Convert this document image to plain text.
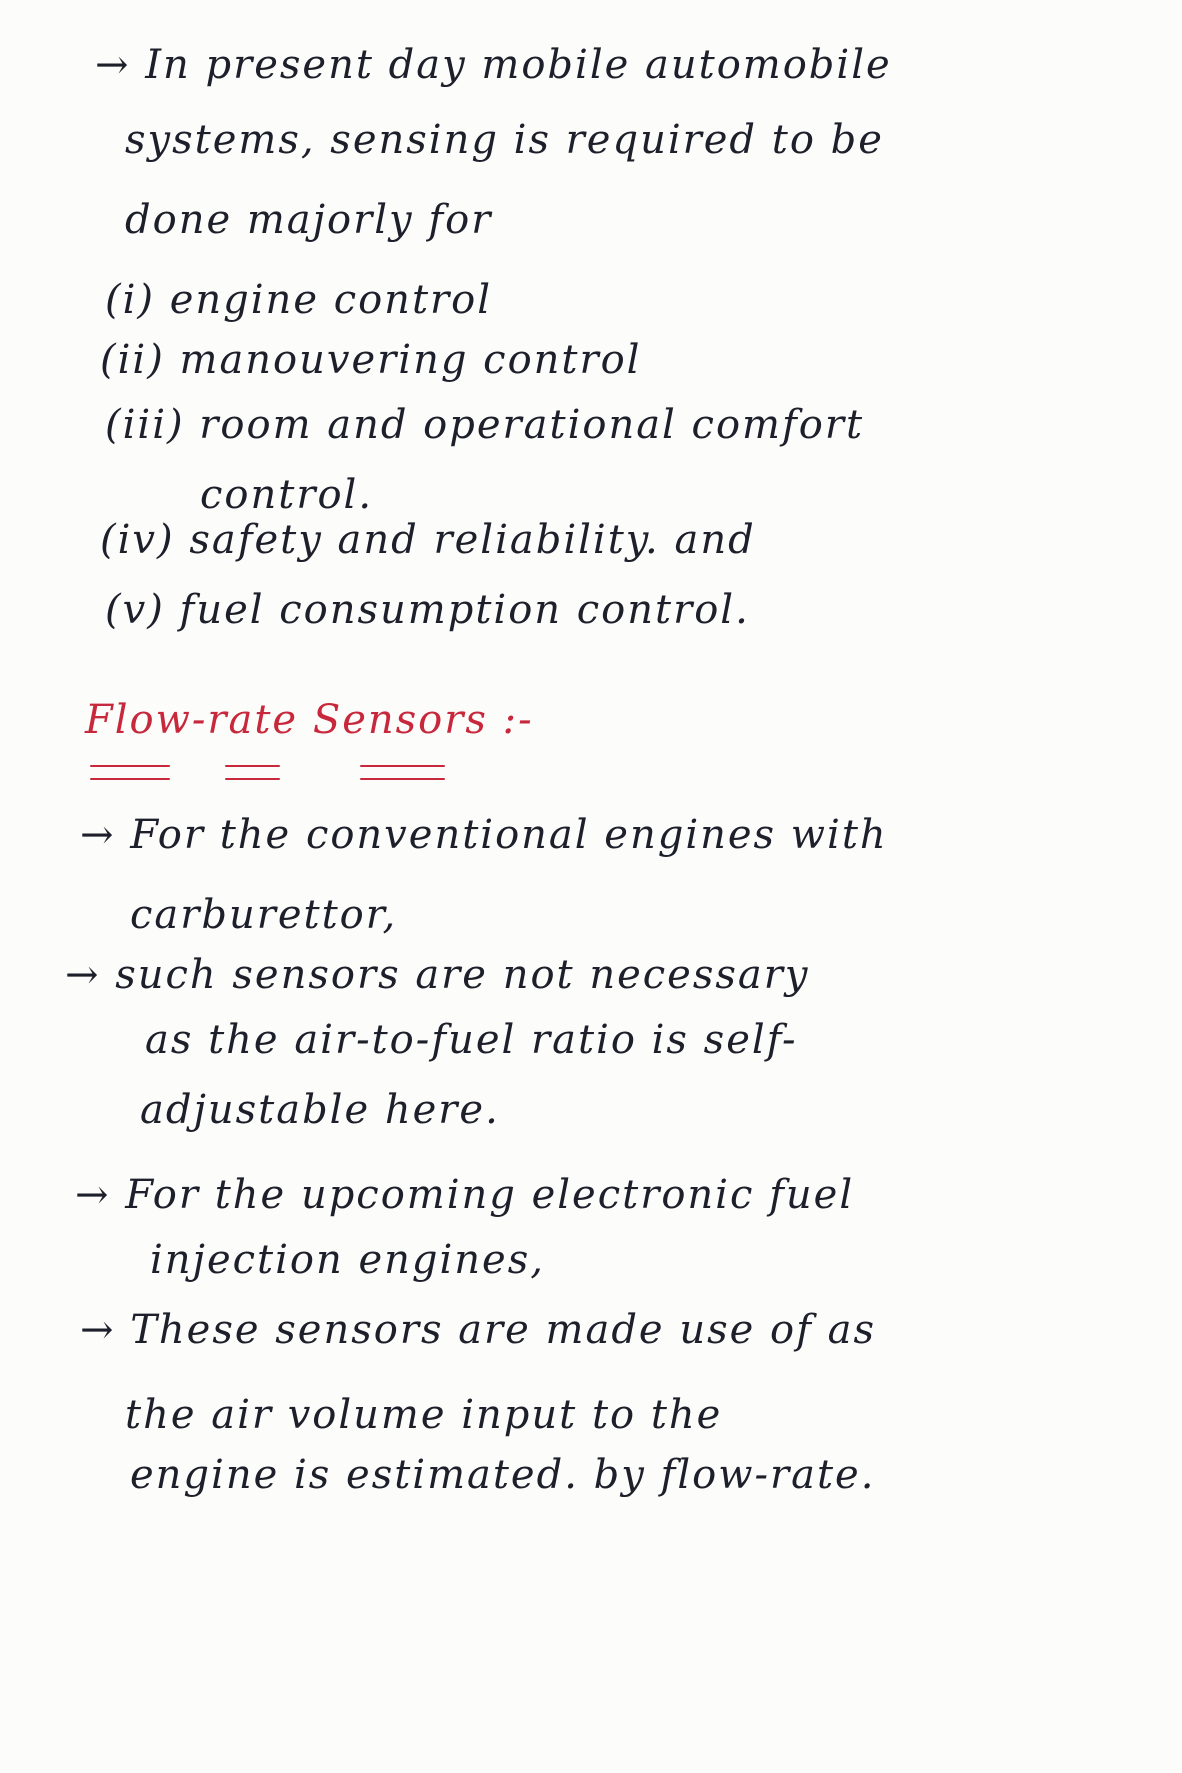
→ In present day mobile automobile
systems, sensing is required to be
done majorly for
(i) engine control
(ii) manouvering control
(iii) room and operational comfort
control.
(iv) safety and reliability. and
(v) fuel consumption control.
Flow-rate Sensors :-
→ For the conventional engines with
carburettor,
→ such sensors are not necessary
as the air-to-fuel ratio is self-
adjustable here.
→ For the upcoming electronic fuel
injection engines,
→ These sensors are made use of as
the air volume input to the
engine is estimated. by flow-rate.
